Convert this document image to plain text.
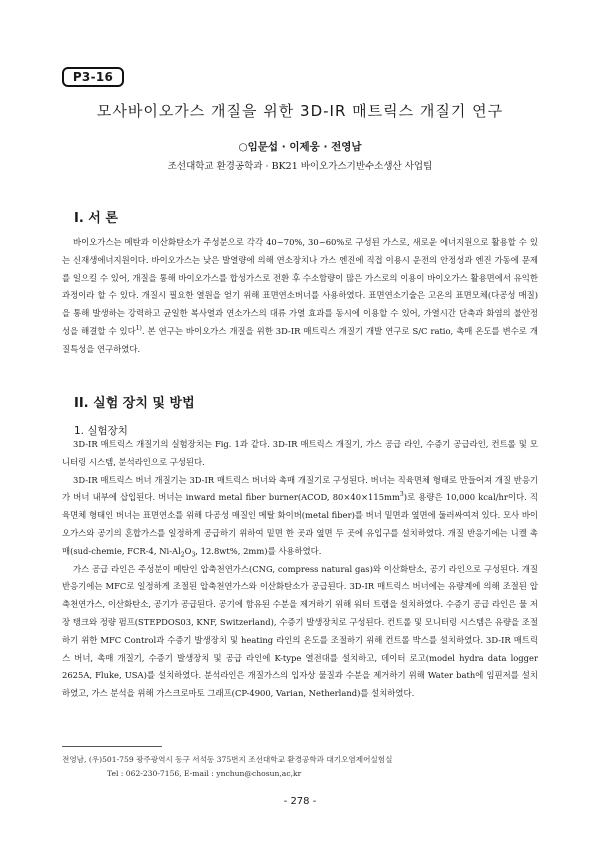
P3-16
모사바이오가스 개질을 위한 3D-IR 매트릭스 개질기 연구
○임문섭 · 이제웅 · 전영남
조선대학교 환경공학과 · BK21 바이오가스기반수소생산 사업팀
I. 서 론

바이오가스는 메탄과 이산화탄소가 주성분으로 각각 40~70%, 30~60%로 구성된 가스로, 새로운 에너지원으로 활용할 수 있는 신재생에너지원이다. 바이오가스는 낮은 발열량에 의해 연소장치나 가스 엔진에 직접 이용시 운전의 안정성과 엔진 가동에 문제를 일으킬 수 있어, 개질을 통해 바이오가스를 합성가스로 전환 후 수소함량이 많은 가스로의 이용이 바이오가스 활용면에서 유익한 과정이라 할 수 있다. 개질시 필요한 열원을 얻기 위해 표면연소버너를 사용하였다. 표면연소기술은 고온의 표면모체(다공성 매질)을 통해 발생하는 강력하고 균일한 복사열과 연소가스의 대류 가열 효과를 동시에 이용할 수 있어, 가열시간 단축과 화염의 불안정성을 해결할 수 있다$^{1)}$. 본 연구는 바이오가스 개질을 위한 3D-IR 매트릭스 개질기 개발 연구로 S/C ratio, 촉매 온도를 변수로 개질특성을 연구하였다.

II. 실험 장치 및 방법
1. 실험장치

3D-IR 매트릭스 개질기의 실험장치는 Fig. 1과 같다. 3D-IR 매트릭스 개질기, 가스 공급 라인, 수증기 공급라인, 컨트롤 및 모니터링 시스템, 분석라인으로 구성된다.

3D-IR 매트릭스 버너 개질기는 3D-IR 매트릭스 버너와 촉매 개질기로 구성된다. 버너는 직육면체 형태로 만들어져 개질 반응기가 버너 내부에 삽입된다. 버너는 inward metal fiber burner(ACOD, $80\times 40\times 115mm^3$)로 용량은 10,000 kcal/hr이다. 직육면체 형태인 버너는 표면연소를 위해 다공성 매질인 메탈 화이버(metal fiber)를 버너 밑면과 옆면에 둘러싸여져 있다. 모사 바이오가스와 공기의 혼합가스를 일정하게 공급하기 위하여 밑면 한 곳과 옆면 두 곳에 유입구를 설치하였다. 개질 반응기에는 니켈 촉매(sud-chemie, FCR-4, $Ni-Al_2O_3$, 12.8wt%, 2mm)를 사용하였다.

가스 공급 라인은 주성분이 메탄인 압축천연가스(CNG, compress natural gas)와 이산화탄소, 공기 라인으로 구성된다. 개질 반응기에는 MFC로 일정하게 조절된 압축천연가스와 이산화탄소가 공급된다. 3D-IR 매트릭스 버너에는 유량계에 의해 조절된 압축천연가스, 이산화탄소, 공기가 공급된다. 공기에 함유된 수분을 제거하기 위해 워터 트랩을 설치하였다. 수증기 공급 라인은 물 저장 탱크와 정량 펌프(STEPDOS03, KNF, Switzerland), 수증기 발생장치로 구성된다. 컨트롤 및 모니터링 시스템은 유량을 조절하기 위한 MFC Control과 수증기 발생장치 및 heating 라인의 온도를 조절하기 위해 컨트롤 박스를 설치하였다. 3D-IR 매트릭스 버너, 촉매 개질기, 수증기 발생장치 및 공급 라인에 K-type 열전대를 설치하고, 데이터 로고(model hydra data logger 2625A, Fluke, USA)를 설치하였다. 분석라인은 개질가스의 입자상 물질과 수분을 제거하기 위해 Water bath에 임핀저를 설치하였고, 가스 분석을 위해 가스크로마토 그래프(CP-4900, Varian, Netherland)를 설치하였다.

전영남, (우)501-759 광주광역시 동구 서석동 375번지 조선대학교 환경공학과 대기오염제어실험실
Tel : 062-230-7156, E-mail : ynchun@chosun,ac,kr
- 278 -
